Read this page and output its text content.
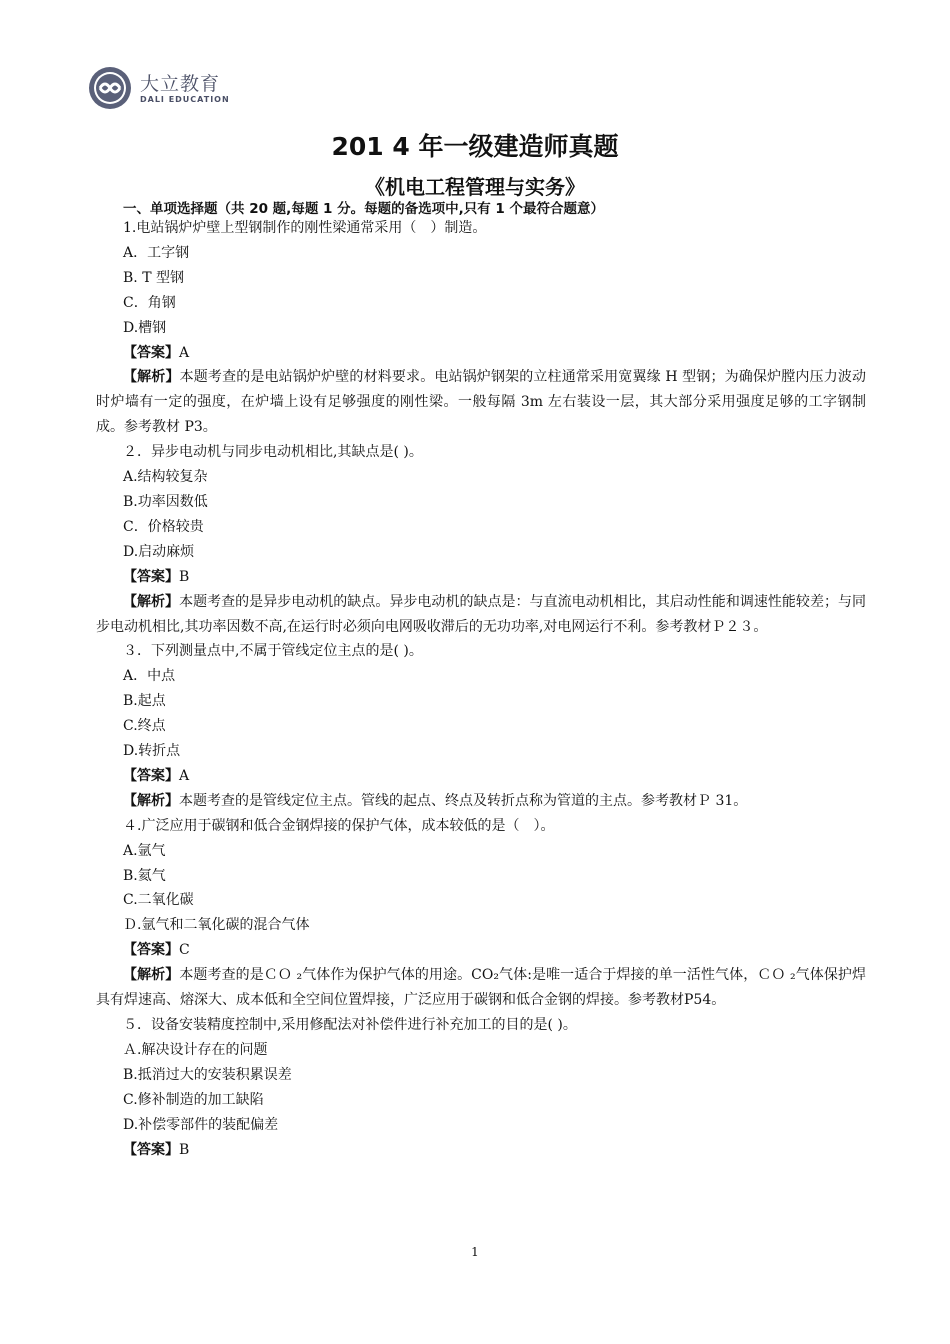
大立教育
DALI EDUCATION
201 4 年一级建造师真题
《机电工程管理与实务》
一、单项选择题（共 20 题,每题 1 分。每题的备选项中,只有 1 个最符合题意）
1.电站锅炉炉壁上型钢制作的刚性梁通常采用（　）制造。
A．工字钢
B. T 型钢
C．角钢
D.槽钢
【答案】A
【解析】本题考查的是电站锅炉炉壁的材料要求。电站锅炉钢架的立柱通常采用宽翼缘 H 型钢；为确保炉膛内压力波动时炉墙有一定的强度，在炉墙上设有足够强度的刚性梁。一般每隔 3m 左右装设一层，其大部分采用强度足够的工字钢制成。参考教材 P3。
２．异步电动机与同步电动机相比,其缺点是( )。
A.结构较复杂
B.功率因数低
C．价格较贵
D.启动麻烦
【答案】B
【解析】本题考查的是异步电动机的缺点。异步电动机的缺点是：与直流电动机相比，其启动性能和调速性能较差；与同步电动机相比,其功率因数不高,在运行时必须向电网吸收滞后的无功功率,对电网运行不利。参考教材Ｐ２３。
３．下列测量点中,不属于管线定位主点的是( )。
A．中点
B.起点
C.终点
D.转折点
【答案】A
【解析】本题考查的是管线定位主点。管线的起点、终点及转折点称为管道的主点。参考教材Ｐ 31。
４.广泛应用于碳钢和低合金钢焊接的保护气体，成本较低的是（　）。
A.氩气
B.氦气
C.二氧化碳
Ｄ.氩气和二氧化碳的混合气体
【答案】C
【解析】本题考查的是ＣＯ ₂气体作为保护气体的用途。CO₂气体:是唯一适合于焊接的单一活性气体，ＣＯ ₂气体保护焊具有焊速高、熔深大、成本低和全空间位置焊接，广泛应用于碳钢和低合金钢的焊接。参考教材P54。
５．设备安装精度控制中,采用修配法对补偿件进行补充加工的目的是( )。
Ａ.解决设计存在的问题
B.抵消过大的安装积累误差
C.修补制造的加工缺陷
D.补偿零部件的装配偏差
【答案】B
1
